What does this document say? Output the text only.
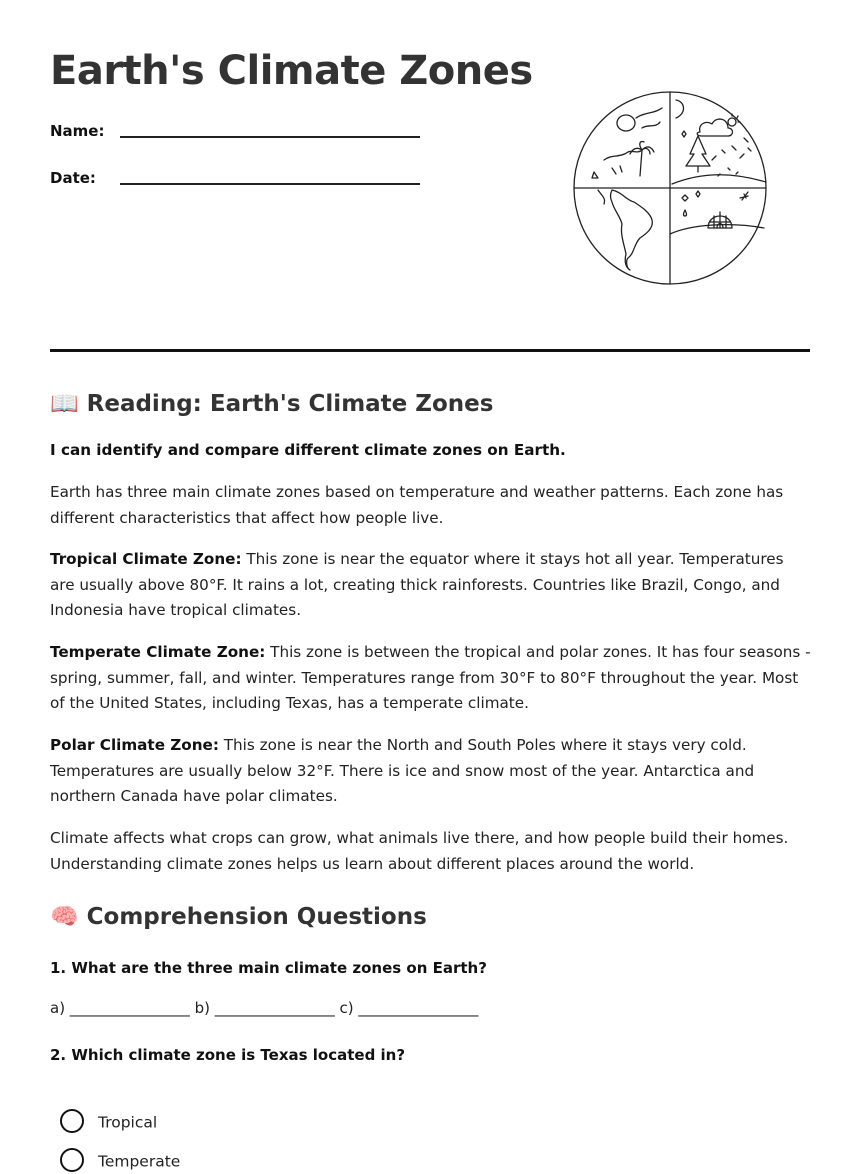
Earth's Climate Zones
Name:
Date:
📖 Reading: Earth's Climate Zones

I can identify and compare different climate zones on Earth.

Earth has three main climate zones based on temperature and weather patterns. Each zone has different characteristics that affect how people live.

Tropical Climate Zone: This zone is near the equator where it stays hot all year. Temperatures are usually above 80°F. It rains a lot, creating thick rainforests. Countries like Brazil, Congo, and Indonesia have tropical climates.

Temperate Climate Zone: This zone is between the tropical and polar zones. It has four seasons - spring, summer, fall, and winter. Temperatures range from 30°F to 80°F throughout the year. Most of the United States, including Texas, has a temperate climate.

Polar Climate Zone: This zone is near the North and South Poles where it stays very cold. Temperatures are usually below 32°F. There is ice and snow most of the year. Antarctica and northern Canada have polar climates.

Climate affects what crops can grow, what animals live there, and how people build their homes. Understanding climate zones helps us learn about different places around the world.

🧠 Comprehension Questions

1. What are the three main climate zones on Earth?

a) ________________ b) ________________ c) ________________

2. Which climate zone is Texas located in?

Tropical
Temperate
